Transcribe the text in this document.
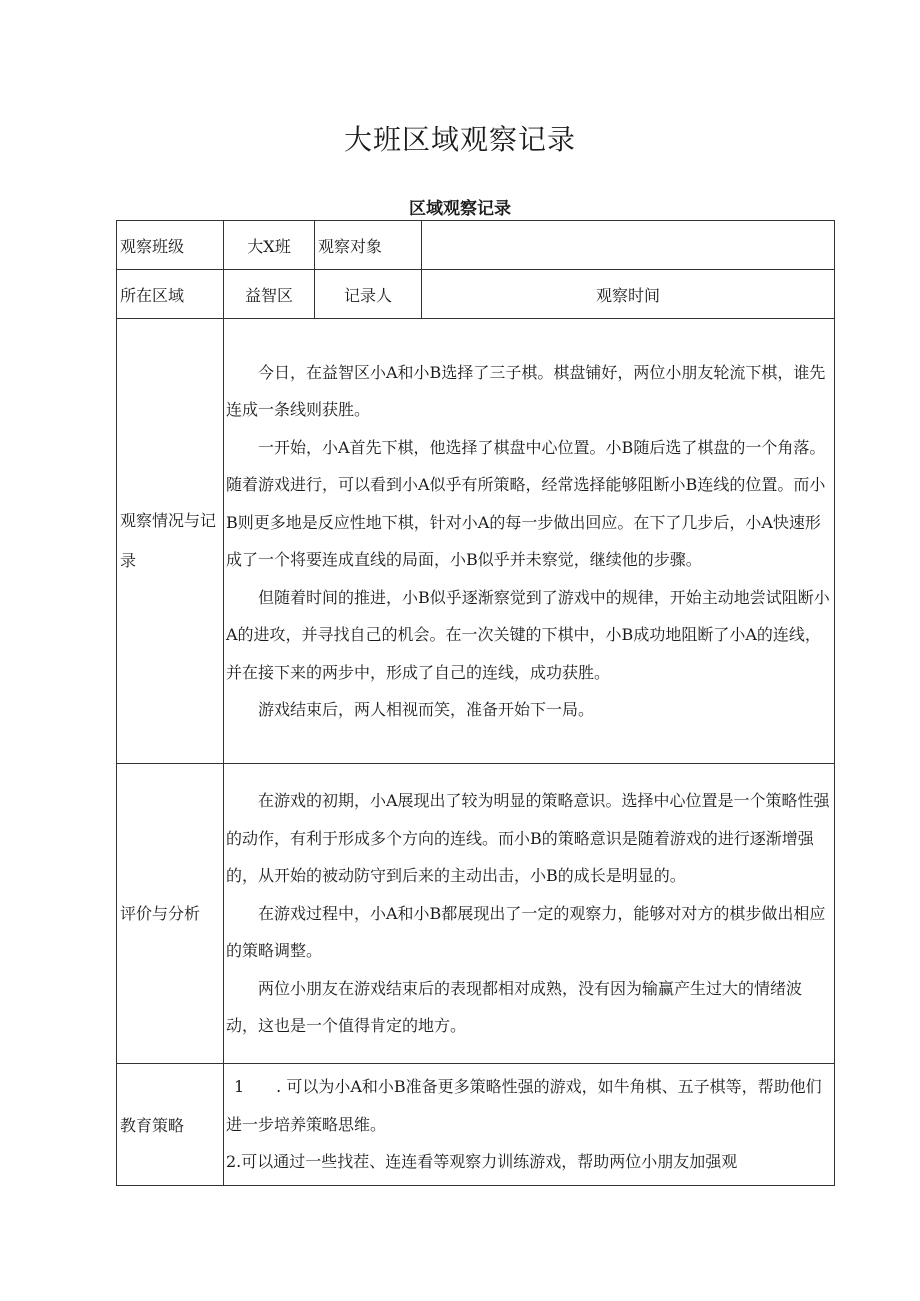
大班区域观察记录
区域观察记录
观察班级	大X班	观察对象	
所在区域	益智区	记录人	观察时间
观察情况与记录	今日，在益智区小A和小B选择了三子棋。棋盘铺好，两位小朋友轮流下棋，谁先连成一条线则获胜。

一开始，小A首先下棋，他选择了棋盘中心位置。小B随后选了棋盘的一个角落。随着游戏进行，可以看到小A似乎有所策略，经常选择能够阻断小B连线的位置。而小B则更多地是反应性地下棋，针对小A的每一步做出回应。在下了几步后，小A快速形成了一个将要连成直线的局面，小B似乎并未察觉，继续他的步骤。

但随着时间的推进，小B似乎逐渐察觉到了游戏中的规律，开始主动地尝试阻断小A的进攻，并寻找自己的机会。在一次关键的下棋中，小B成功地阻断了小A的连线，并在接下来的两步中，形成了自己的连线，成功获胜。

游戏结束后，两人相视而笑，准备开始下一局。		

评价与分析	在游戏的初期，小A展现出了较为明显的策略意识。选择中心位置是一个策略性强的动作，有利于形成多个方向的连线。而小B的策略意识是随着游戏的进行逐渐增强的，从开始的被动防守到后来的主动出击，小B的成长是明显的。

在游戏过程中，小A和小B都展现出了一定的观察力，能够对对方的棋步做出相应的策略调整。

两位小朋友在游戏结束后的表现都相对成熟，没有因为输赢产生过大的情绪波动，这也是一个值得肯定的地方。		

教育策略	1　　. 可以为小A和小B准备更多策略性强的游戏，如牛角棋、五子棋等，帮助他们进一步培养策略思维。

2.可以通过一些找茬、连连看等观察力训练游戏，帮助两位小朋友加强观		
